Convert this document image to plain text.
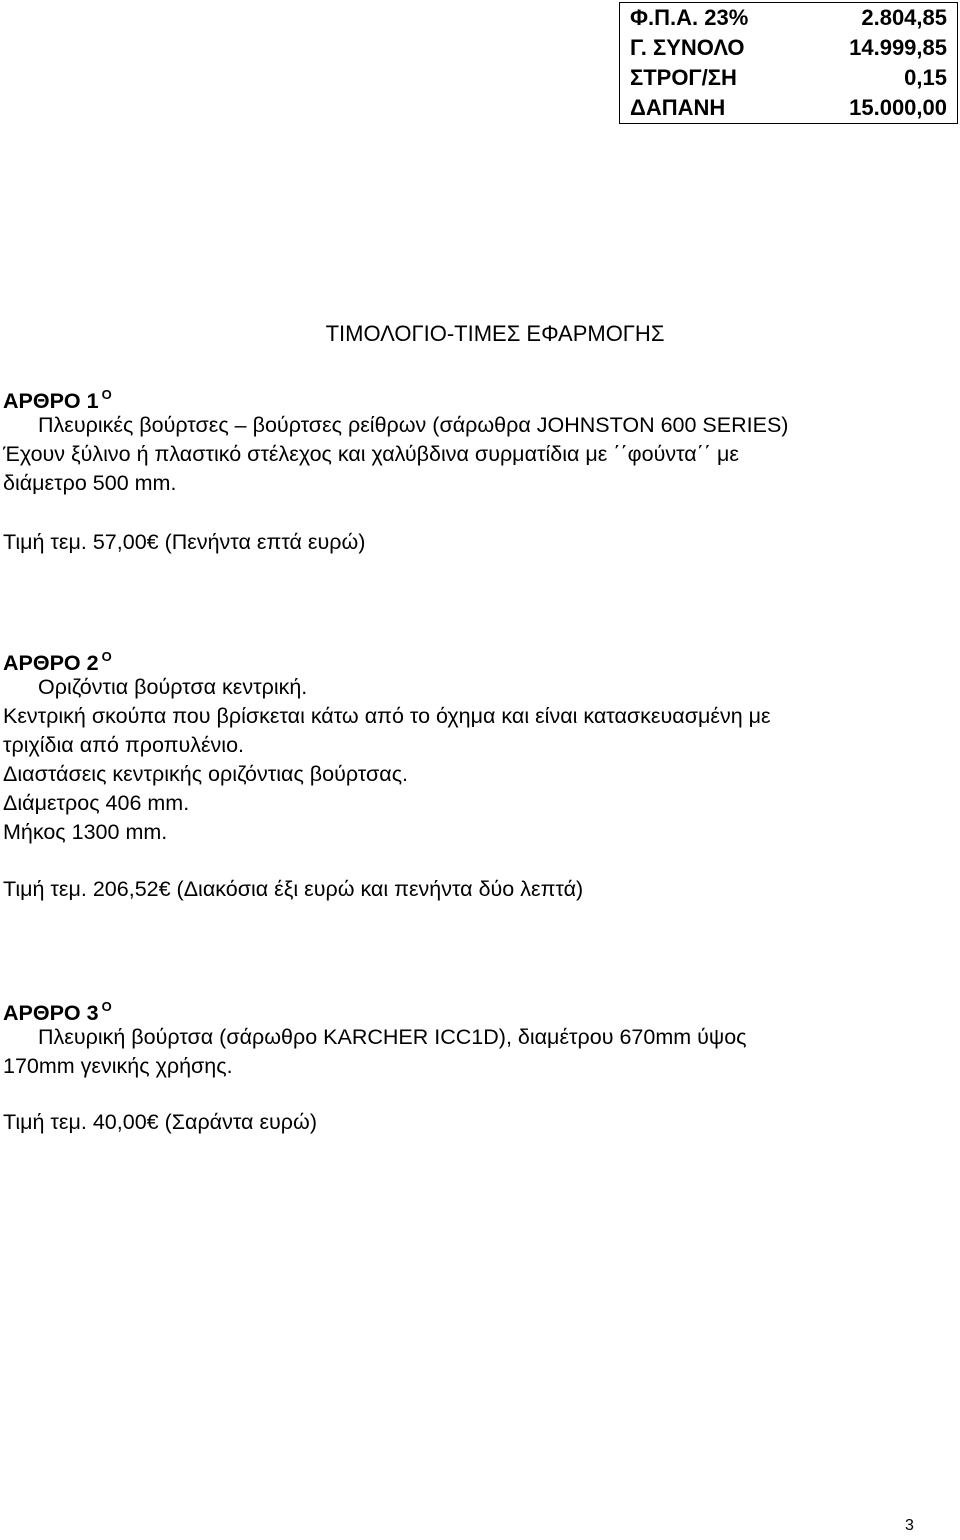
Φ.Π.Α. 23%	2.804,85
Γ. ΣΥΝΟΛΟ	14.999,85
ΣΤΡΟΓ/ΣΗ	0,15
ΔΑΠΑΝΗ	15.000,00
ΤΙΜΟΛΟΓΙΟ-ΤΙΜΕΣ ΕΦΑΡΜΟΓΗΣ
ΑΡΘΡΟ 1 $^O$
Πλευρικές βούρτσες – βούρτσες ρείθρων (σάρωθρα JOHNSTON 600 SERIES)
Έχουν ξύλινο ή πλαστικό στέλεχος και χαλύβδινα συρματίδια με ΄΄φούντα΄΄ με
διάμετρο 500 mm.
Τιμή τεμ. 57,00€ (Πενήντα επτά ευρώ)
ΑΡΘΡΟ 2 $^O$
Οριζόντια βούρτσα κεντρική.
Κεντρική σκούπα που βρίσκεται κάτω από το όχημα και είναι κατασκευασμένη με
τριχίδια από προπυλένιο.
Διαστάσεις κεντρικής οριζόντιας βούρτσας.
Διάμετρος 406 mm.
Μήκος 1300 mm.
Τιμή τεμ. 206,52€ (Διακόσια έξι ευρώ και πενήντα δύο λεπτά)
ΑΡΘΡΟ 3 $^O$
Πλευρική βούρτσα (σάρωθρο KARCHER ICC1D), διαμέτρου 670mm ύψος
170mm γενικής χρήσης.
Τιμή τεμ. 40,00€ (Σαράντα ευρώ)
3
